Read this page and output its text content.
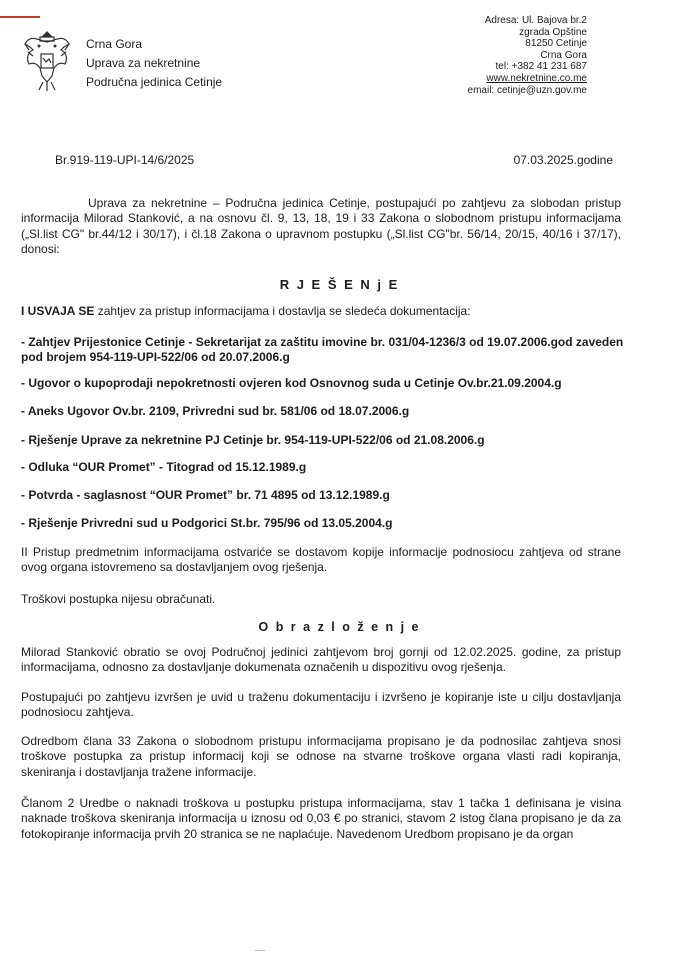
Crna Gora
Uprava za nekretnine
Područna jedinica Cetinje
Adresa: Ul. Bajova br.2
zgrada Opštine
81250 Cetinje
Crna Gora
tel: +382 41 231 687
www.nekretnine.co.me
email: cetinje@uzn.gov.me
Br.919-119-UPI-14/6/2025	07.03.2025.godine
Uprava za nekretnine – Područna jedinica Cetinje, postupajući po zahtjevu za slobodan pristup informacija Milorad Stanković, a na osnovu čl. 9, 13, 18, 19 i 33 Zakona o slobodnom pristupu informacijama („Sl.list CG" br.44/12 i 30/17), i čl.18 Zakona o upravnom postupku („Sl.list CG"br. 56/14, 20/15, 40/16 i 37/17), donosi:
R J E Š E N j E
I USVAJA SE zahtjev za pristup informacijama i dostavlja se sledeća dokumentacija:
- Zahtjev Prijestonice Cetinje - Sekretarijat za zaštitu imovine br. 031/04-1236/3 od 19.07.2006.god zaveden pod brojem 954-119-UPI-522/06 od 20.07.2006.g
- Ugovor o kupoprodaji nepokretnosti ovjeren kod Osnovnog suda u Cetinje Ov.br.21.09.2004.g
- Aneks Ugovor Ov.br. 2109, Privredni sud br. 581/06 od 18.07.2006.g
- Rješenje Uprave za nekretnine PJ Cetinje br. 954-119-UPI-522/06 od 21.08.2006.g
- Odluka “OUR Promet” - Titograd od 15.12.1989.g
- Potvrda - saglasnost “OUR Promet” br. 71 4895 od 13.12.1989.g
- Rješenje Privredni sud u Podgorici St.br. 795/96 od 13.05.2004.g
II Pristup predmetnim informacijama ostvariće se dostavom kopije informacije podnosiocu zahtjeva od strane ovog organa istovremeno sa dostavljanjem ovog rješenja.
Troškovi postupka nijesu obračunati.
O b r a z l o ž e n j e
Milorad Stanković obratio se ovoj Područnoj jedinici zahtjevom broj gornji od 12.02.2025. godine, za pristup informacijama, odnosno za dostavljanje dokumenata označenih u dispozitivu ovog rješenja.
Postupajući po zahtjevu izvršen je uvid u traženu dokumentaciju i izvršeno je kopiranje iste u cilju dostavljanja podnosiocu zahtjeva.
Odredbom člana 33 Zakona o slobodnom pristupu informacijama propisano je da podnosilac zahtjeva snosi troškove postupka za pristup informacij koji se odnose na stvarne troškove organa vlasti radi kopiranja, skeniranja i dostavljanja tražene informacije.
Članom 2 Uredbe o naknadi troškova u postupku pristupa informacijama, stav 1 tačka 1 definisana je visina naknade troškova skeniranja informacija u iznosu od 0,03 € po stranici, stavom 2 istog člana propisano je da za fotokopiranje informacija prvih 20 stranica se ne naplaćuje. Navedenom Uredbom propisano je da organ
